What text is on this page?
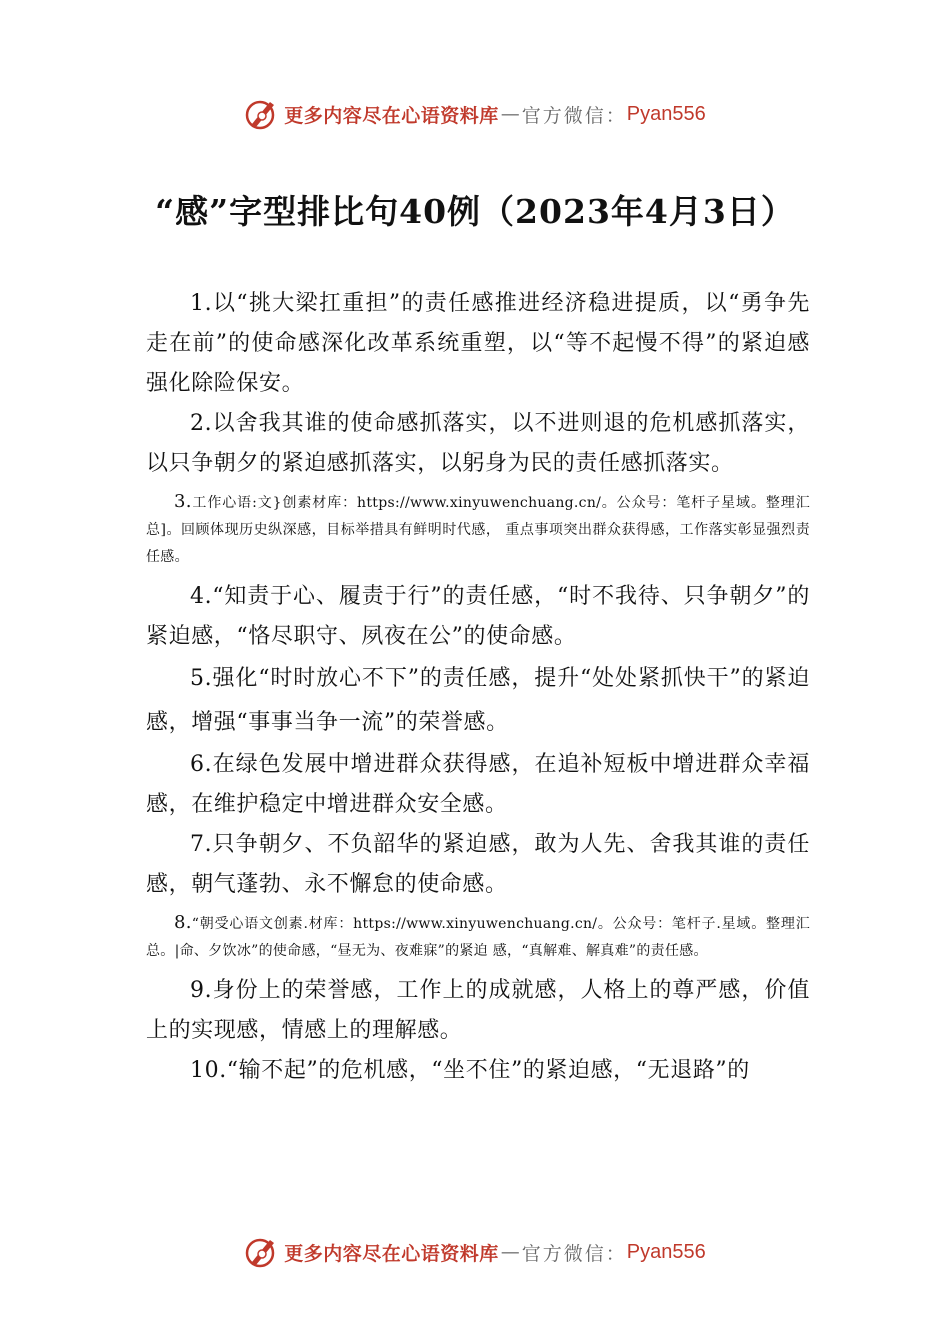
更多内容尽在心语资料库 — 官方微信： Pyan556
“感”字型排比句40例（2023年4月3日）

1.以“挑大梁扛重担”的责任感推进经济稳进提质，以“勇争先走在前”的使命感深化改革系统重塑，以“等不起慢不得”的紧迫感强化除险保安。

2.以舍我其谁的使命感抓落实，以不进则退的危机感抓落实，以只争朝夕的紧迫感抓落实，以躬身为民的责任感抓落实。

3.工作心语:文}创素材库：https://www.xinyuwenchuang.cn/。公众号：笔杆子星域。整理汇总]。回顾体现历史纵深感，目标举措具有鲜明时代感， 重点事项突出群众获得感，工作落实彰显强烈责任感。

4.“知责于心、履责于行”的责任感，“时不我待、只争朝夕”的紧迫感，“恪尽职守、夙夜在公”的使命感。

5.强化“时时放心不下”的责任感，提升“处处紧抓快干”的紧迫感，增强“事事当争一流”的荣誉感。

6.在绿色发展中增进群众获得感，在追补短板中增进群众幸福感，在维护稳定中增进群众安全感。

7.只争朝夕、不负韶华的紧迫感，敢为人先、舍我其谁的责任感，朝气蓬勃、永不懈怠的使命感。

8.“朝受心语文创素.材库：https://www.xinyuwenchuang.cn/。公众号：笔杆子.星域。整理汇总。|命、夕饮冰”的使命感，“昼无为、夜难寐”的紧迫 感，“真解难、解真难”的责任感。

9.身份上的荣誉感，工作上的成就感，人格上的尊严感，价值上的实现感，情感上的理解感。

10.“输不起”的危机感，“坐不住”的紧迫感，“无退路”的

更多内容尽在心语资料库 — 官方微信： Pyan556
